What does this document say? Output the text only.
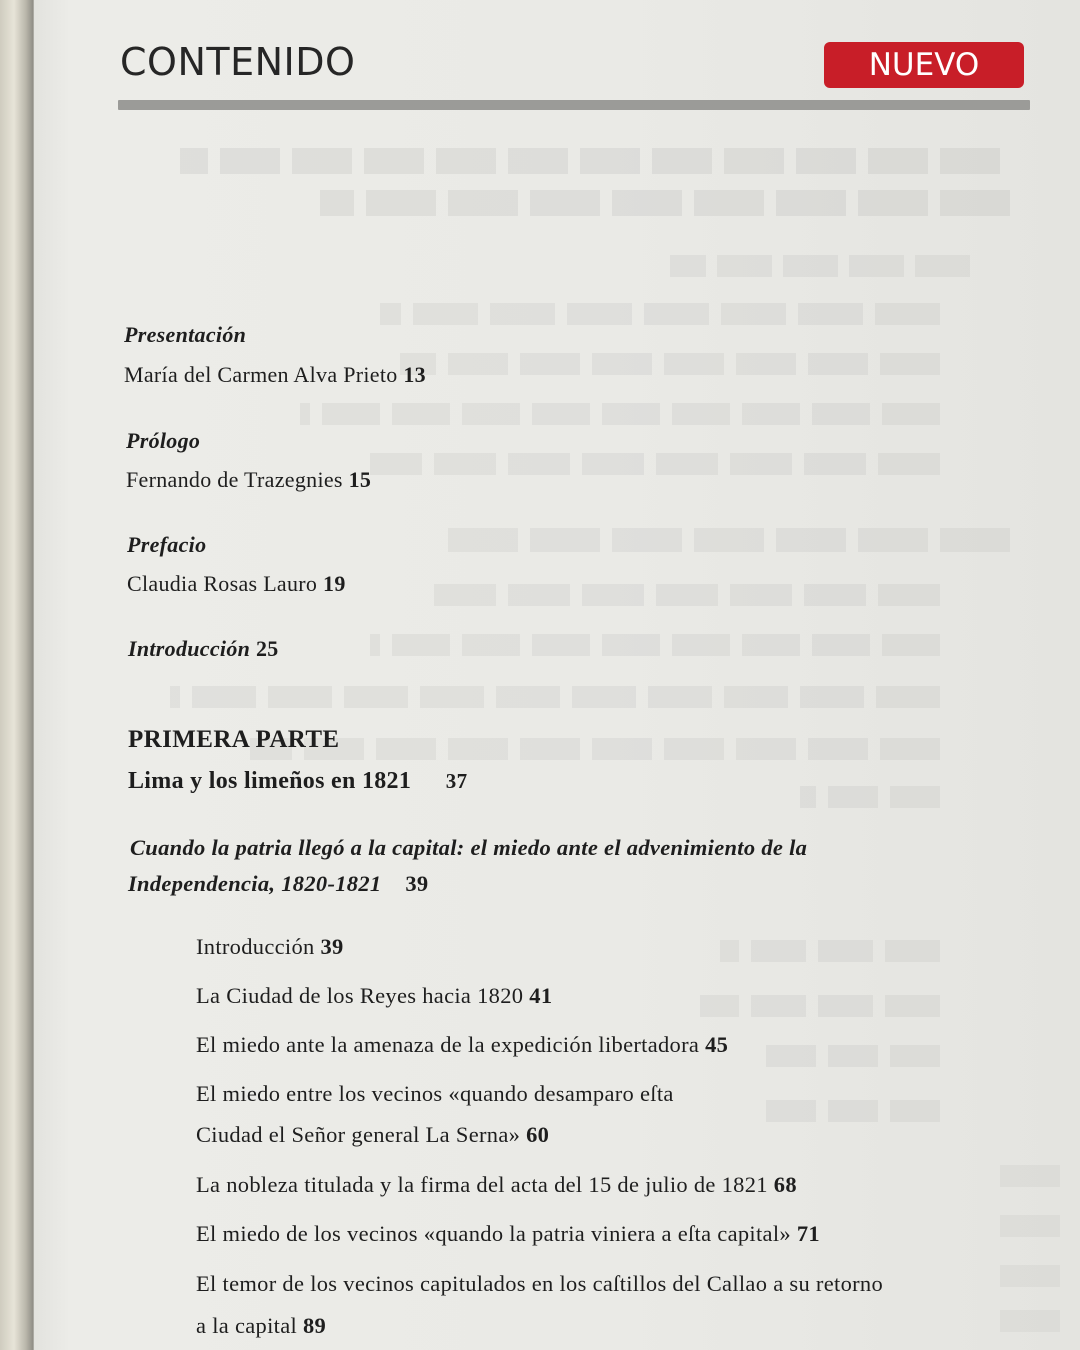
CONTENIDO	NUEVO
Presentación
María del Carmen Alva Prieto 13
Prólogo
Fernando de Trazegnies 15
Prefacio
Claudia Rosas Lauro 19
Introducción 25
PRIMERA PARTE
Lima y los limeños en 1821 37
Cuando la patria llegó a la capital: el miedo ante el advenimiento de la
Independencia, 1820-1821 39
Introducción 39
La Ciudad de los Reyes hacia 1820 41
El miedo ante la amenaza de la expedición libertadora 45
El miedo entre los vecinos «quando desamparo eſta
Ciudad el Señor general La Serna» 60
La nobleza titulada y la firma del acta del 15 de julio de 1821 68
El miedo de los vecinos «quando la patria viniera a eſta capital» 71
El temor de los vecinos capitulados en los caſtillos del Callao a su retorno
a la capital 89
